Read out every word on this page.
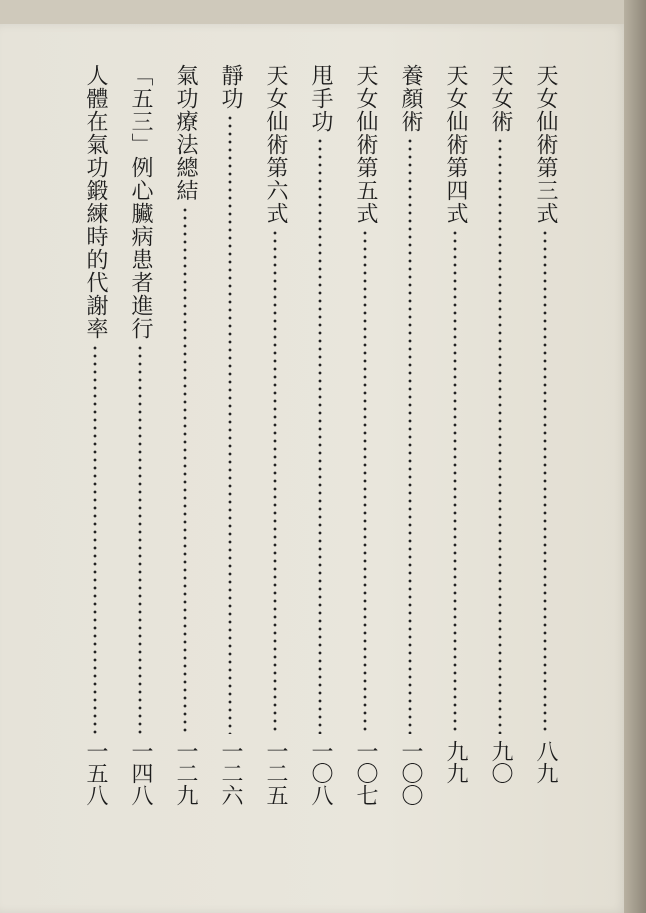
天女仙術第三式
八九
天女術
九〇
天女仙術第四式
九九
養顏術
一〇〇
天女仙術第五式
一〇七
甩手功
一〇八
天女仙術第六式
一二五
靜功
一二六
氣功療法總結
一二九
「五三」例心臟病患者進行
一四八
人體在氣功鍛練時的代謝率
一五八
